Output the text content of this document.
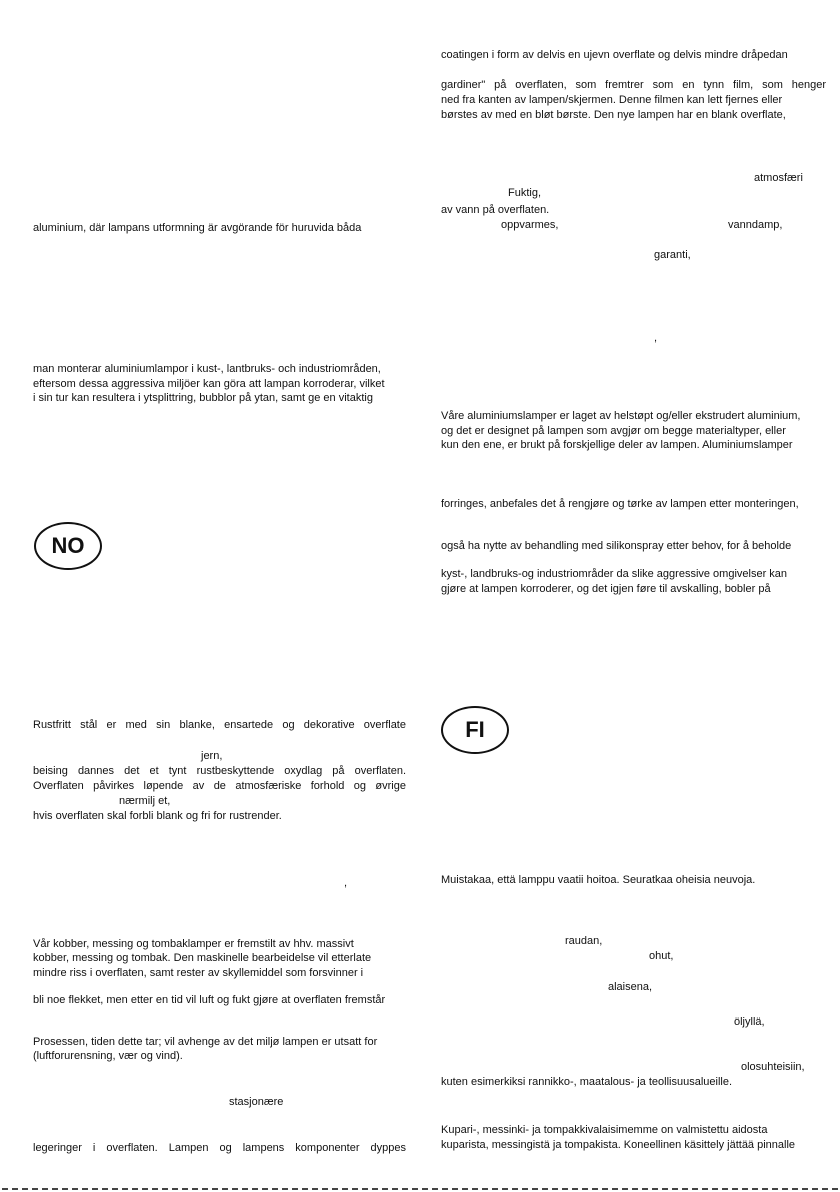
aluminium, där lampans utformning är avgörande för huruvida båda

man monterar aluminiumlampor i kust-, lantbruks- och industriområden,

eftersom dessa aggressiva miljöer kan göra att lampan korroderar, vilket

i sin tur kan resultera i ytsplittring, bubblor på ytan, samt ge en vitaktig

NO

Rustfritt stål er med sin blanke, ensartede og dekorative overflate

jern,

beising dannes det et tynt rustbeskyttende oxydlag på overflaten.

Overflaten påvirkes løpende av de atmosfæriske forhold og øvrige

nærmilj et,

hvis overflaten skal forbli blank og fri for rustrender.

,

Vår kobber, messing og tombaklamper er fremstilt av hhv. massivt

kobber, messing og tombak. Den maskinelle bearbeidelse vil etterlate

mindre riss i overflaten, samt rester av skyllemiddel som forsvinner i

bli noe flekket, men etter en tid vil luft og fukt gjøre at overflaten fremstår

Prosessen, tiden dette tar; vil avhenge av det miljø lampen er utsatt for

(luftforurensning, vær og vind).

stasjonære

legeringer i overflaten. Lampen og lampens komponenter dyppes

coatingen i form av delvis en ujevn overflate og delvis mindre dråpedan

gardiner" på overflaten, som fremtrer som en tynn film, som henger

ned fra kanten av lampen/skjermen. Denne filmen kan lett fjernes eller

børstes av med en bløt børste. Den nye lampen har en blank overflate,

atmosfæri

Fuktig,

av vann på overflaten.

oppvarmes,	vanndamp,

garanti,

,

Våre aluminiumslamper er laget av helstøpt og/eller ekstrudert aluminium,

og det er designet på lampen som avgjør om begge materialtyper, eller

kun den ene, er brukt på forskjellige deler av lampen. Aluminiumslamper

forringes, anbefales det å rengjøre og tørke av lampen etter monteringen,

også ha nytte av behandling med silikonspray etter behov, for å beholde

kyst-, landbruks-og industriområder da slike aggressive omgivelser kan

gjøre at lampen korroderer, og det igjen føre til avskalling, bobler på

FI

Muistakaa, että lamppu vaatii hoitoa. Seuratkaa oheisia neuvoja.

raudan,

ohut,

alaisena,

öljyllä,

olosuhteisiin,

kuten esimerkiksi rannikko-, maatalous- ja teollisuusalueille.

Kupari-, messinki- ja tompakkivalaisimemme on valmistettu aidosta

kuparista, messingistä ja tompakista. Koneellinen käsittely jättää pinnalle
